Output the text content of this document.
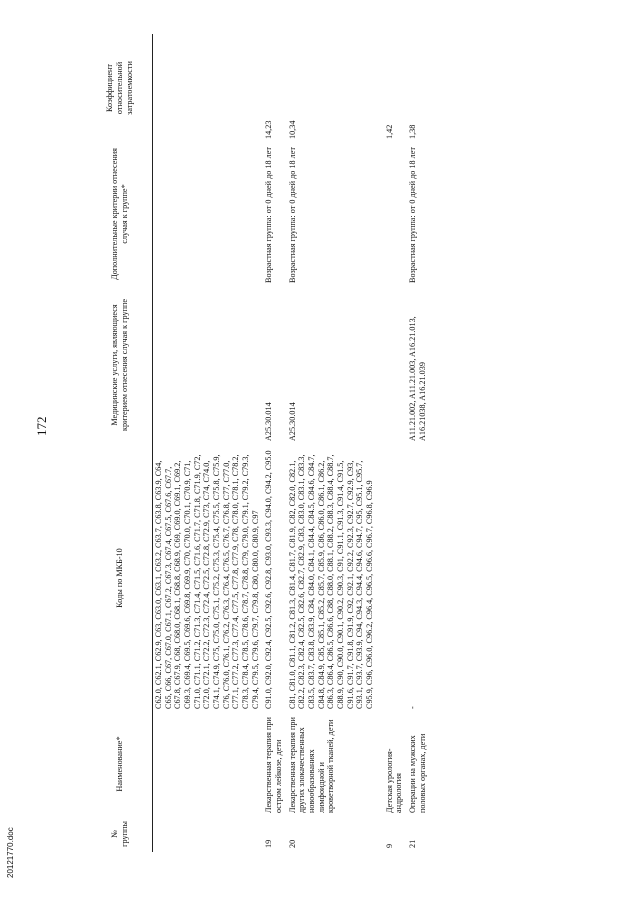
172
20121770.doc	№ группы	Наименование*	Коды по МКБ-10	Медицинские услуги, являющиеся критерием отнесения случая к группе	Дополнительные критерии отнесения случая к группе*	Коэффициент относительной затратоемкости
		C62.0, C62.1, C62.9, C63, C63.0, C63.1, C63.2, C63.7, C63.8, C63.9, C64, C65, C66, C67, C67.0, C67.1, C67.2, C67.3, C67.4, C67.5, C67.6, C67.7, C67.8, C67.9, C68, C68.0, C68.1, C68.8, C68.9, C69, C69.0, C69.1, C69.2, C69.3, C69.4, C69.5, C69.6, C69.8, C69.9, C70, C70.0, C70.1, C70.9, C71, C71.0, C71.1, C71.2, C71.3, C71.4, C71.5, C71.6, C71.7, C71.8, C71.9, C72, C72.0, C72.1, C72.2, C72.3, C72.4, C72.5, C72.8, C72.9, C73, C74, C74.0, C74.1, C74.9, C75, C75.0, C75.1, C75.2, C75.3, C75.4, C75.5, C75.8, C75.9, C76, C76.0, C76.1, C76.2, C76.3, C76.4, C76.5, C76.7, C76.8, C77, C77.0, C77.1, C77.2, C77.3, C77.4, C77.5, C77.8, C77.9, C78, C78.0, C78.1, C78.2, C78.3, C78.4, C78.5, C78.6, C78.7, C78.8, C79, C79.0, C79.1, C79.2, C79.3, C79.4, C79.5, C79.6, C79.7, C79.8, C80, C80.0, C80.9, C97			
19	Лекарственная терапия при остром лейкозе, дети	C91.0, C92.0, C92.4, C92.5, C92.6, C92.8, C93.0, C93.3, C94.0, C94.2, C95.0	A25.30.014	Возрастная группа: от 0 дней до 18 лет	14,23
20	Лекарственная терапия при других злокачественных новообразованиях лимфоидной и кроветворной тканей, дети	C81, C81.0, C81.1, C81.2, C81.3, C81.4, C81.7, C81.9, C82, C82.0, C82.1, C82.2, C82.3, C82.4, C82.5, C82.6, C82.7, C82.9, C83, C83.0, C83.1, C83.3, C83.5, C83.7, C83.8, C83.9, C84, C84.0, C84.1, C84.4, C84.5, C84.6, C84.7, C84.8, C84.9, C85, C85.1, C85.2, C85.7, C85.9, C86, C86.0, C86.1, C86.2, C86.3, C86.4, C86.5, C86.6, C88, C88.0, C88.1, C88.2, C88.3, C88.4, C88.7, C88.9, C90, C90.0, C90.1, C90.2, C90.3, C91, C91.1, C91.3, C91.4, C91.5, C91.6, C91.7, C91.8, C91.9, C92, C92.1, C92.2, C92.3, C92.7, C92.9, C93, C93.1, C93.7, C93.9, C94, C94.3, C94.4, C94.6, C94.7, C95, C95.1, C95.7, C95.9, C96, C96.0, C96.2, C96.4, C96.5, C96.6, C96.7, C96.8, C96.9	A25.30.014	Возрастная группа: от 0 дней до 18 лет	10,34

9	Детская урология-андрология				1,42
21	Операции на мужских половых органах, дети	-	A11.21.002, A11.21.003, A16.21.013, A16.21038, A16.21.039	Возрастная группа: от 0 дней до 18 лет	1,38
